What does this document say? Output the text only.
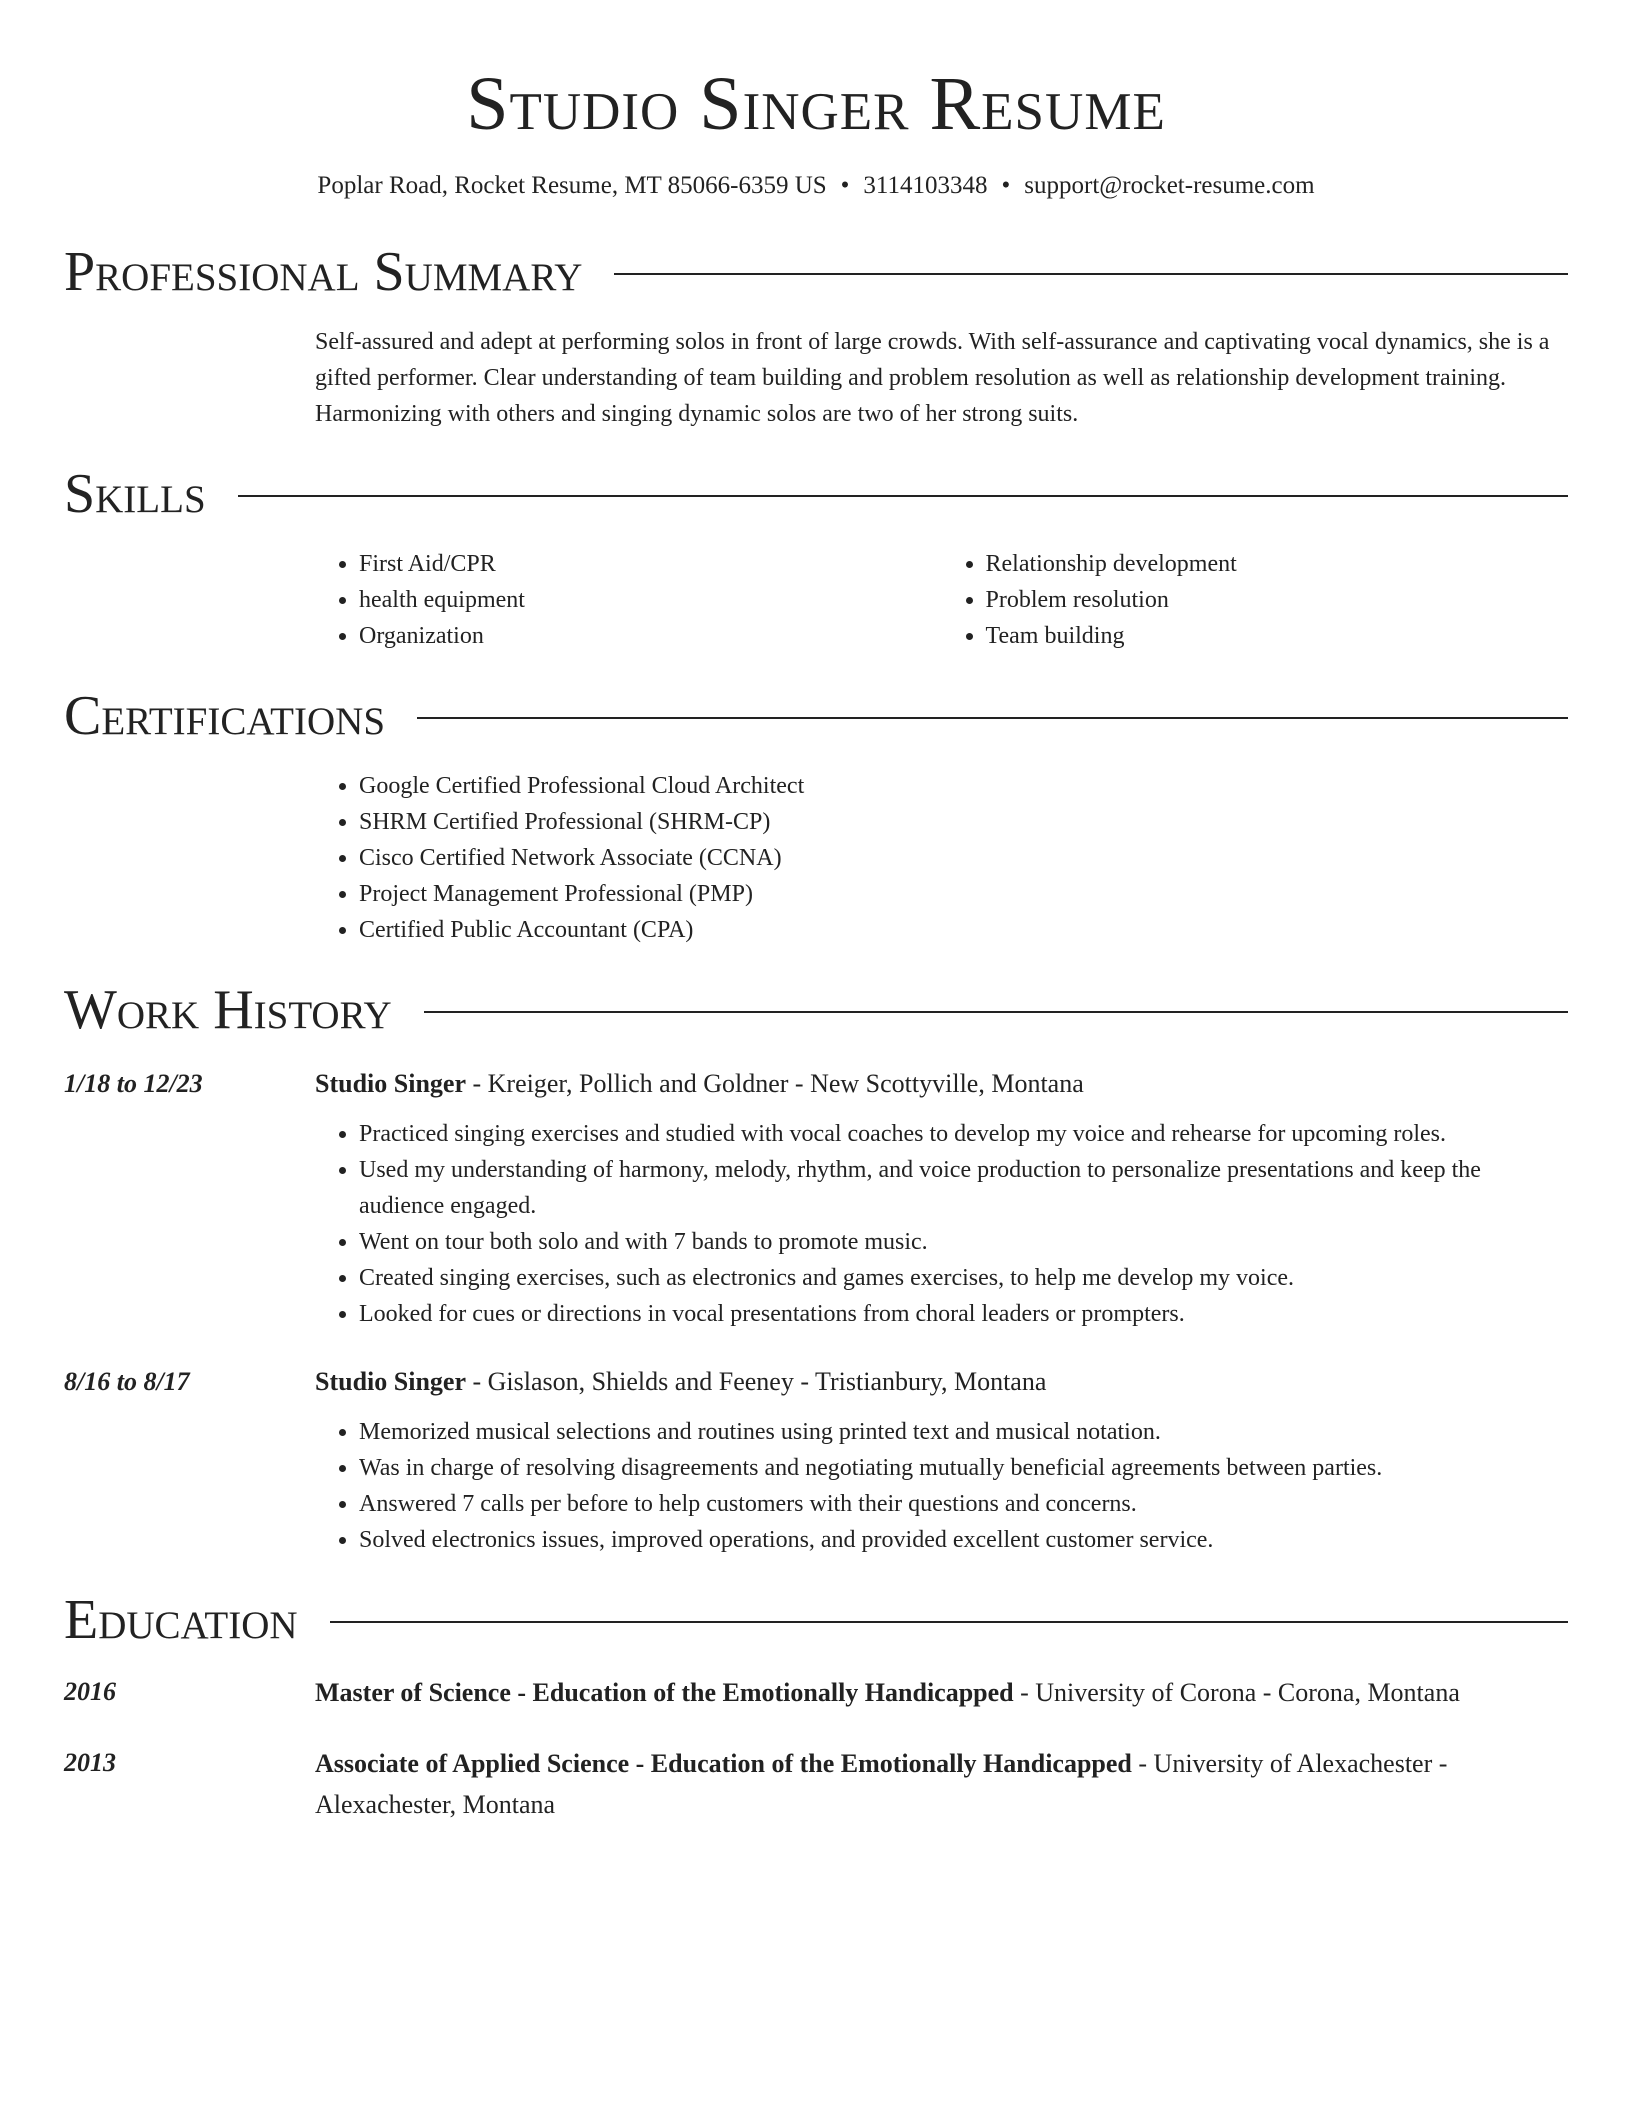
Studio Singer Resume
Poplar Road, Rocket Resume, MT 85066-6359 US • 3114103348 • support@rocket-resume.com
Professional Summary
Self-assured and adept at performing solos in front of large crowds. With self-assurance and captivating vocal dynamics, she is a gifted performer. Clear understanding of team building and problem resolution as well as relationship development training. Harmonizing with others and singing dynamic solos are two of her strong suits.
Skills
• First Aid/CPR
• health equipment
• Organization
• Relationship development
• Problem resolution
• Team building
Certifications
• Google Certified Professional Cloud Architect
• SHRM Certified Professional (SHRM-CP)
• Cisco Certified Network Associate (CCNA)
• Project Management Professional (PMP)
• Certified Public Accountant (CPA)
Work History
1/18 to 12/23	Studio Singer - Kreiger, Pollich and Goldner - New Scottyville, Montana
• Practiced singing exercises and studied with vocal coaches to develop my voice and rehearse for upcoming roles.
• Used my understanding of harmony, melody, rhythm, and voice production to personalize presentations and keep the audience engaged.
• Went on tour both solo and with 7 bands to promote music.
• Created singing exercises, such as electronics and games exercises, to help me develop my voice.
• Looked for cues or directions in vocal presentations from choral leaders or prompters.
8/16 to 8/17	Studio Singer - Gislason, Shields and Feeney - Tristianbury, Montana
• Memorized musical selections and routines using printed text and musical notation.
• Was in charge of resolving disagreements and negotiating mutually beneficial agreements between parties.
• Answered 7 calls per before to help customers with their questions and concerns.
• Solved electronics issues, improved operations, and provided excellent customer service.
Education
2016	Master of Science - Education of the Emotionally Handicapped - University of Corona - Corona, Montana
2013	Associate of Applied Science - Education of the Emotionally Handicapped - University of Alexachester - Alexachester, Montana
